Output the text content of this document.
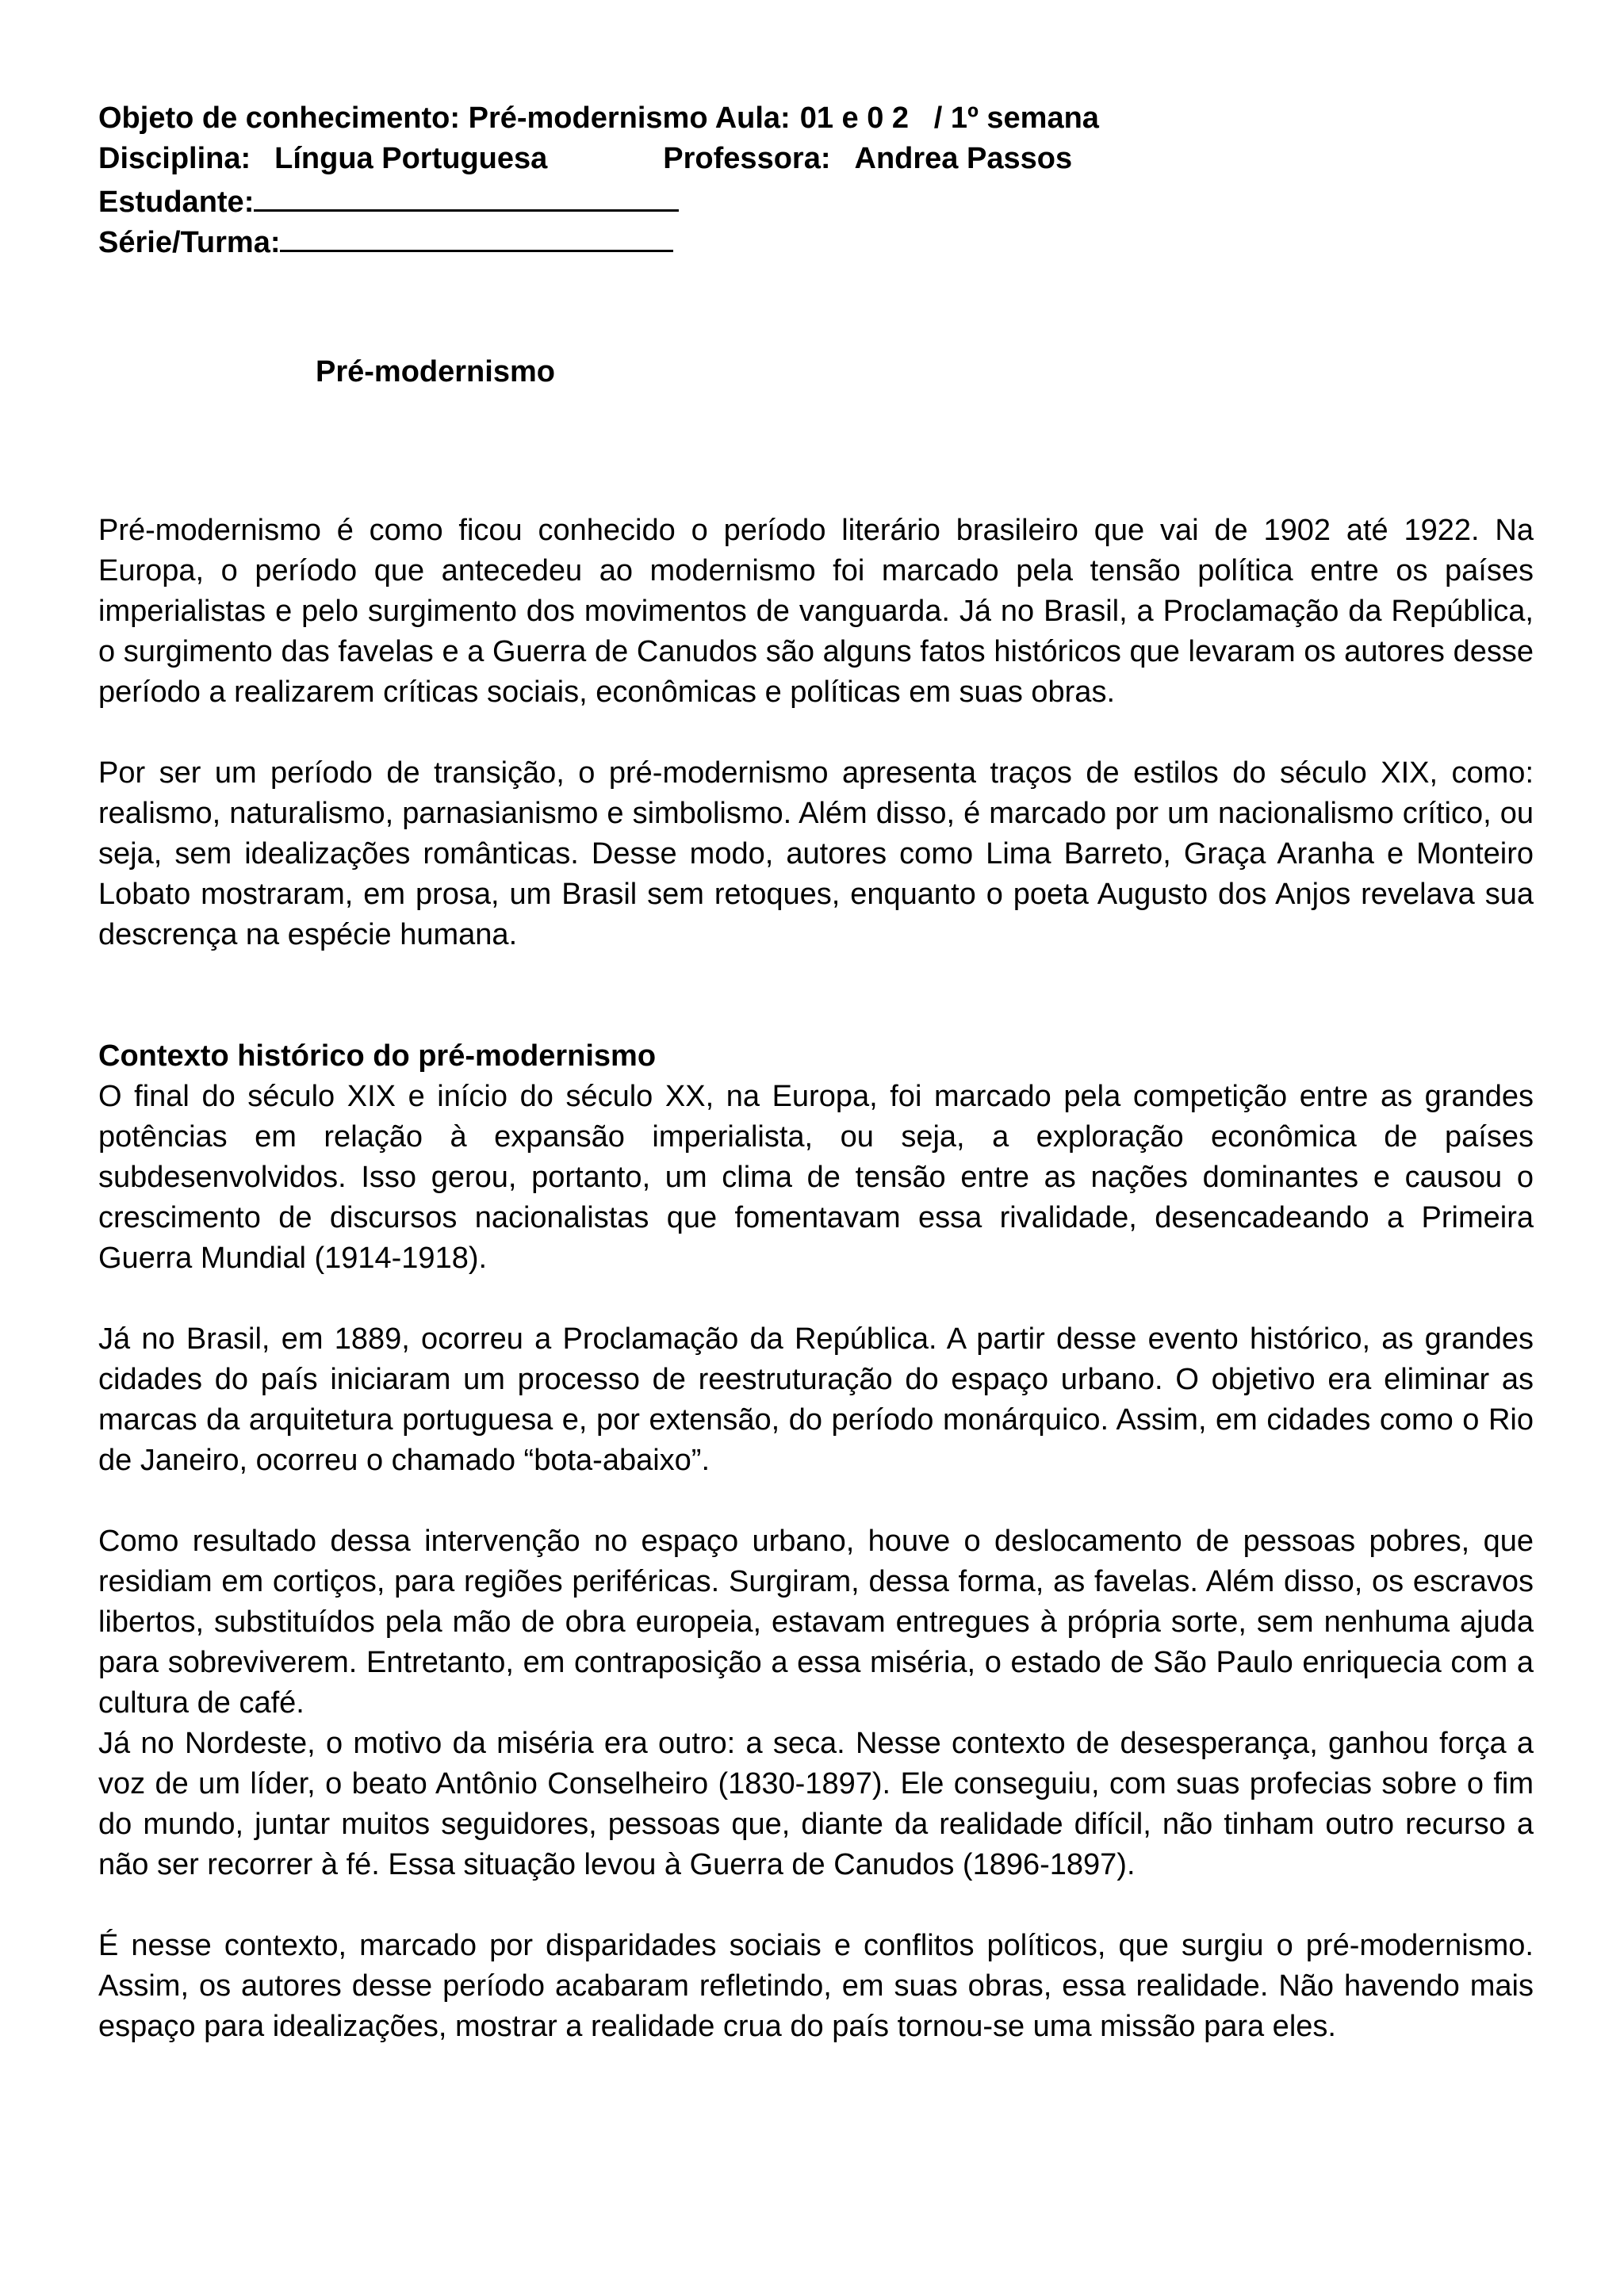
Objeto de conhecimento: Pré-modernismo Aula: 01 e 0 2   / 1º semana
Disciplina: Língua Portuguesa	Professora: Andrea Passos
Estudante:
Série/Turma:
Pré-modernismo

Pré-modernismo é como ficou conhecido o período literário brasileiro que vai de 1902 até 1922. Na Europa, o período que antecedeu ao modernismo foi marcado pela tensão política entre os países imperialistas e pelo surgimento dos movimentos de vanguarda. Já no Brasil, a Proclamação da República, o surgimento das favelas e a Guerra de Canudos são alguns fatos históricos que levaram os autores desse período a realizarem críticas sociais, econômicas e políticas em suas obras.

Por ser um período de transição, o pré-modernismo apresenta traços de estilos do século XIX, como: realismo, naturalismo, parnasianismo e simbolismo. Além disso, é marcado por um nacionalismo crítico, ou seja, sem idealizações românticas. Desse modo, autores como Lima Barreto, Graça Aranha e Monteiro Lobato mostraram, em prosa, um Brasil sem retoques, enquanto o poeta Augusto dos Anjos revelava sua descrença na espécie humana.

Contexto histórico do pré-modernismo

O final do século XIX e início do século XX, na Europa, foi marcado pela competição entre as grandes potências em relação à expansão imperialista, ou seja, a exploração econômica de países subdesenvolvidos. Isso gerou, portanto, um clima de tensão entre as nações dominantes e causou o crescimento de discursos nacionalistas que fomentavam essa rivalidade, desencadeando a Primeira Guerra Mundial (1914-1918).

Já no Brasil, em 1889, ocorreu a Proclamação da República. A partir desse evento histórico, as grandes cidades do país iniciaram um processo de reestruturação do espaço urbano. O objetivo era eliminar as marcas da arquitetura portuguesa e, por extensão, do período monárquico. Assim, em cidades como o Rio de Janeiro, ocorreu o chamado “bota-abaixo”.

Como resultado dessa intervenção no espaço urbano, houve o deslocamento de pessoas pobres, que residiam em cortiços, para regiões periféricas. Surgiram, dessa forma, as favelas. Além disso, os escravos libertos, substituídos pela mão de obra europeia, estavam entregues à própria sorte, sem nenhuma ajuda para sobreviverem. Entretanto, em contraposição a essa miséria, o estado de São Paulo enriquecia com a cultura de café.

Já no Nordeste, o motivo da miséria era outro: a seca. Nesse contexto de desesperança, ganhou força a voz de um líder, o beato Antônio Conselheiro (1830-1897). Ele conseguiu, com suas profecias sobre o fim do mundo, juntar muitos seguidores, pessoas que, diante da realidade difícil, não tinham outro recurso a não ser recorrer à fé. Essa situação levou à Guerra de Canudos (1896-1897).

É nesse contexto, marcado por disparidades sociais e conflitos políticos, que surgiu o pré-modernismo. Assim, os autores desse período acabaram refletindo, em suas obras, essa realidade. Não havendo mais espaço para idealizações, mostrar a realidade crua do país tornou-se uma missão para eles.
